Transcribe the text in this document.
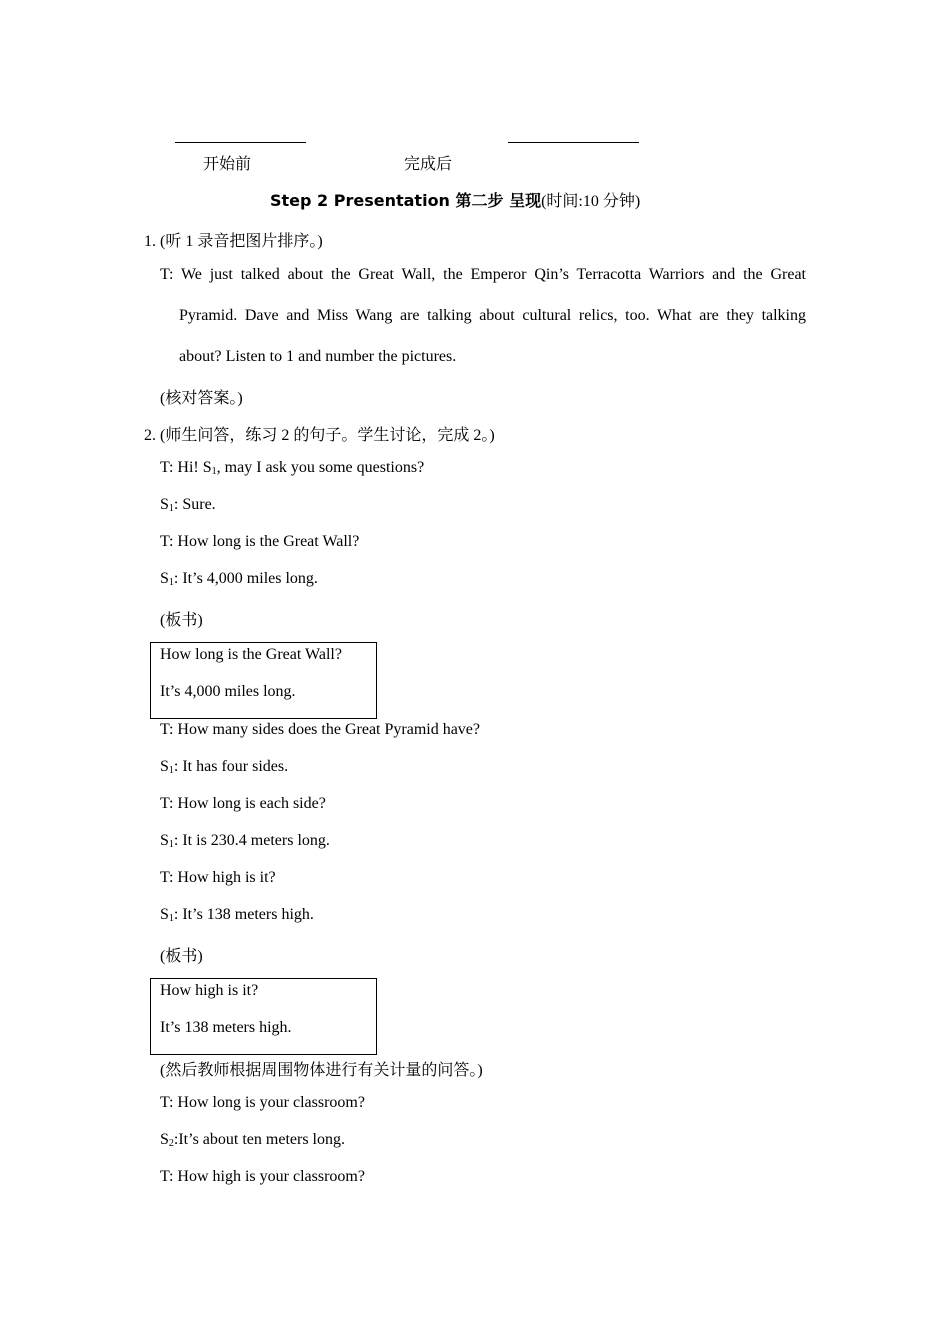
开始前	完成后
Step 2 Presentation 第二步 呈现(时间:10 分钟)
1. (听 1 录音把图片排序。)
T: We just talked about the Great Wall, the Emperor Qin’s Terracotta Warriors and the Great
Pyramid. Dave and Miss Wang are talking about cultural relics, too. What are they talking
about? Listen to 1 and number the pictures.
(核对答案。)
2. (师生问答，练习 2 的句子。学生讨论，完成 2。)
T: Hi! $S_1$, may I ask you some questions?
$S_1$: Sure.
T: How long is the Great Wall?
$S_1$: It’s 4,000 miles long.
(板书)
How long is the Great Wall?
It’s 4,000 miles long.
T: How many sides does the Great Pyramid have?
$S_1$: It has four sides.
T: How long is each side?
$S_1$: It is 230.4 meters long.
T: How high is it?
$S_1$: It’s 138 meters high.
(板书)
How high is it?
It’s 138 meters high.
(然后教师根据周围物体进行有关计量的问答。)
T: How long is your classroom?
$S_2:It’s$ about ten meters long.
T: How high is your classroom?
